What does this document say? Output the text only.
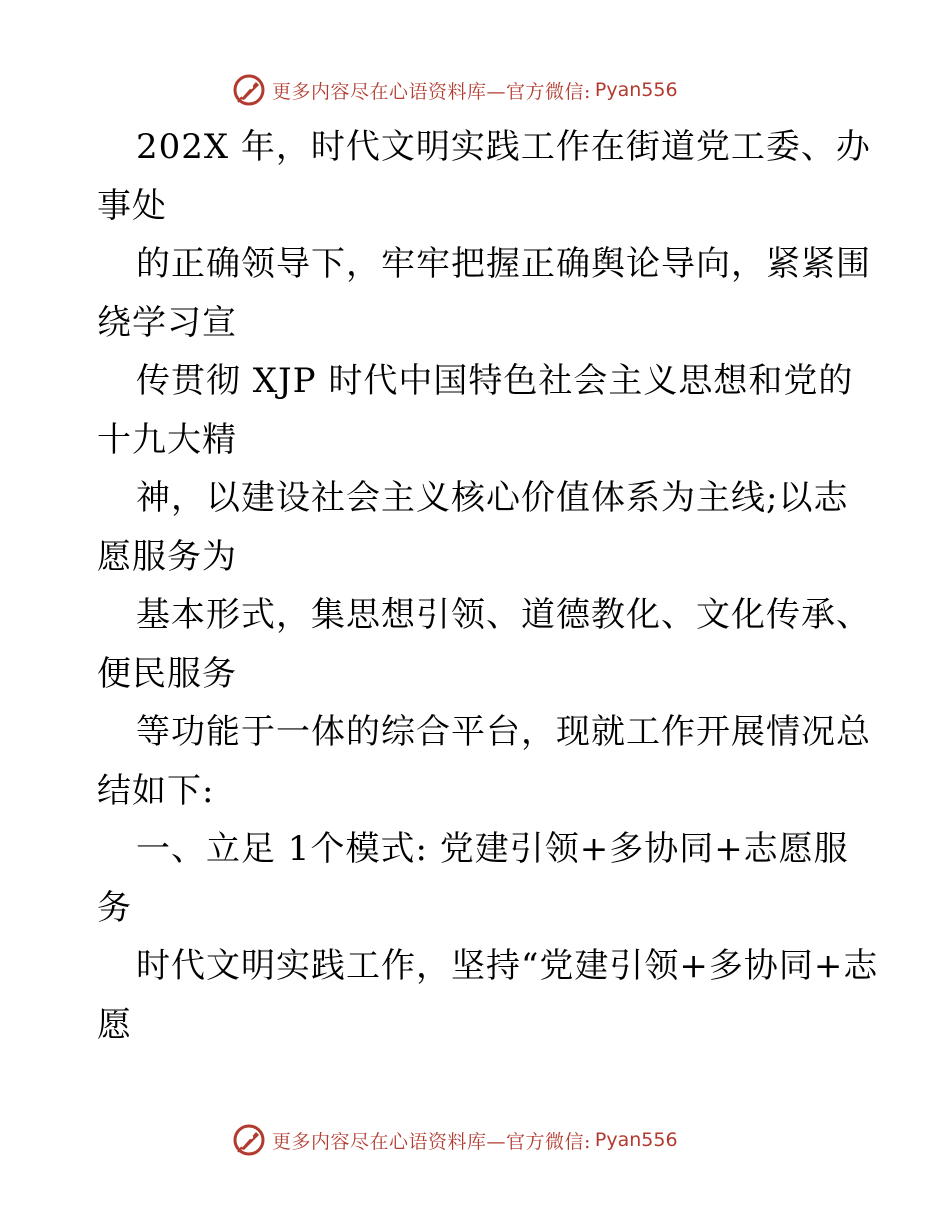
更多内容尽在心语资料库—官方微信: Pyan556
202X 年，时代文明实践工作在街道党工委、办
事处
的正确领导下，牢牢把握正确舆论导向，紧紧围
绕学习宣
传贯彻 XJP 时代中国特色社会主义思想和党的
十九大精
神，以建设社会主义核心价值体系为主线;以志
愿服务为
基本形式，集思想引领、道德教化、文化传承、
便民服务
等功能于一体的综合平台，现就工作开展情况总
结如下:
一、立足 1个模式: 党建引领+多协同+志愿服
务
时代文明实践工作，坚持“党建引领+多协同+志
愿
更多内容尽在心语资料库—官方微信: Pyan556
